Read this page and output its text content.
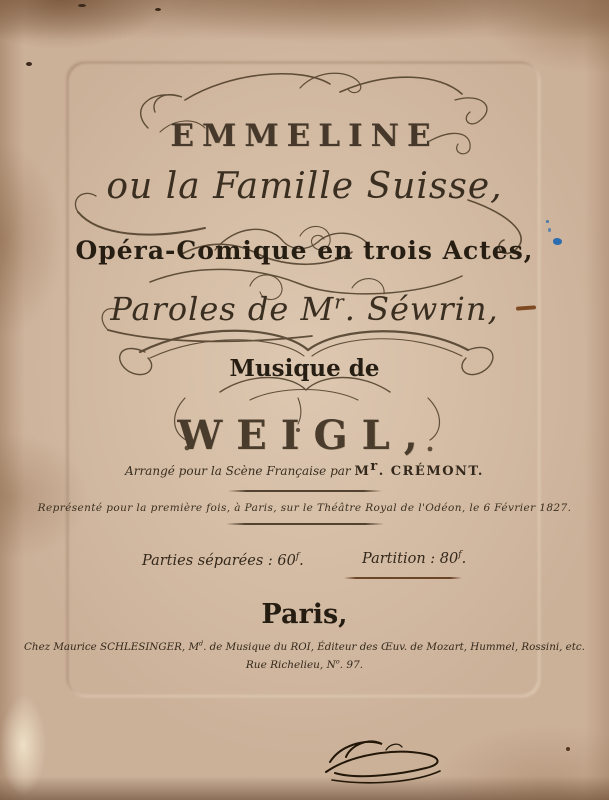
EMMELINE
ou la Famille Suisse,
Opéra-Comique en trois Actes,
Paroles de $M^r$. Séwrin,
Musique de
WEIGL,
Arrangé pour la Scène Française par $M^r$. CRÉMONT.
Représenté pour la première fois, à Paris, sur le Théâtre Royal de l'Odéon, le 6 Février 1827.
Parties séparées : 60$^f$.	Partition : 80$^f$.
Paris,
Chez Maurice SCHLESINGER, $M^d$. de Musique du ROI, Éditeur des Œuv. de Mozart, Hummel, Rossini, etc.
Rue Richelieu, $N^o$. 97.
